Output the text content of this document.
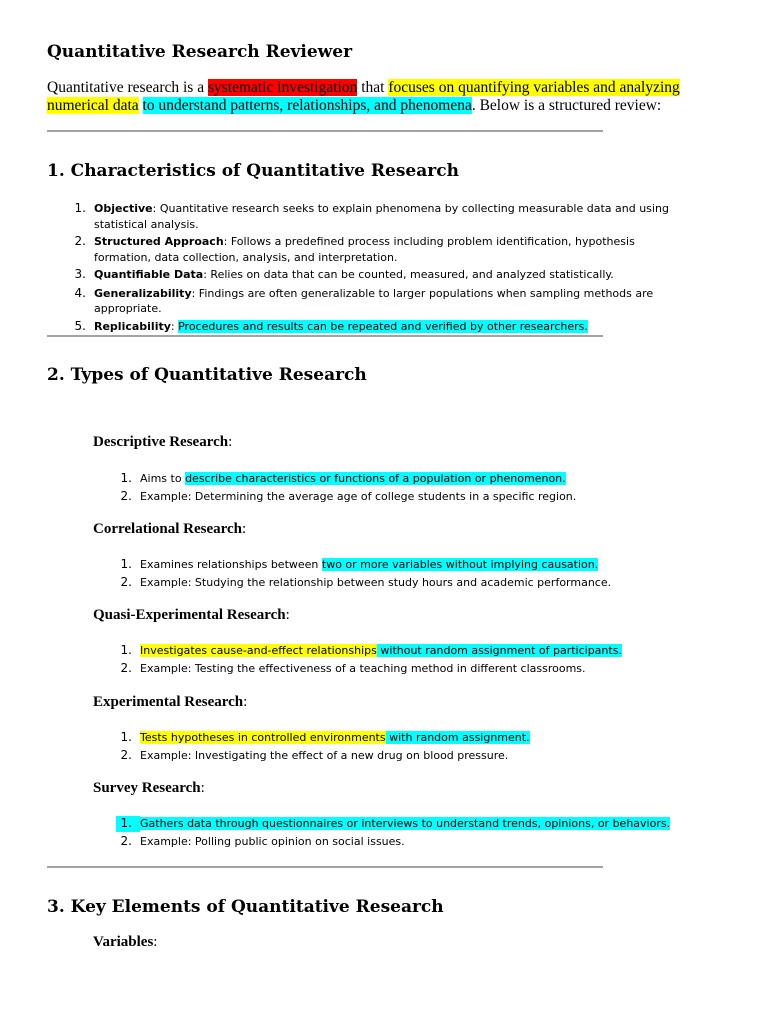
Quantitative Research Reviewer

Quantitative research is a systematic investigation that focuses on quantifying variables and analyzing numerical data to understand patterns, relationships, and phenomena. Below is a structured review:

1. Characteristics of Quantitative Research
1. Objective: Quantitative research seeks to explain phenomena by collecting measurable data and using statistical analysis.
2. Structured Approach: Follows a predefined process including problem identification, hypothesis formation, data collection, analysis, and interpretation.
3. Quantifiable Data: Relies on data that can be counted, measured, and analyzed statistically.
4. Generalizability: Findings are often generalizable to larger populations when sampling methods are appropriate.
5. Replicability: Procedures and results can be repeated and verified by other researchers.
2. Types of Quantitative Research

Descriptive Research:

1. Aims to describe characteristics or functions of a population or phenomenon.
2. Example: Determining the average age of college students in a specific region.

Correlational Research:

1. Examines relationships between two or more variables without implying causation.
2. Example: Studying the relationship between study hours and academic performance.

Quasi-Experimental Research:

1. Investigates cause-and-effect relationships without random assignment of participants.
2. Example: Testing the effectiveness of a teaching method in different classrooms.

Experimental Research:

1. Tests hypotheses in controlled environments with random assignment.
2. Example: Investigating the effect of a new drug on blood pressure.

Survey Research:

1. Gathers data through questionnaires or interviews to understand trends, opinions, or behaviors.
2. Example: Polling public opinion on social issues.
3. Key Elements of Quantitative Research

Variables:
